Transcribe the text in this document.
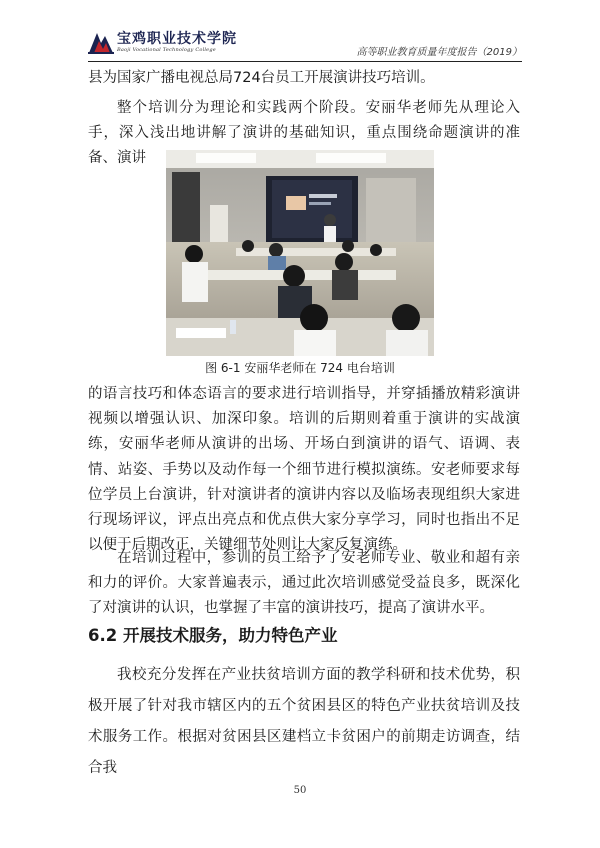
宝鸡职业技术学院
Baoji Vocational Technology College	高等职业教育质量年度报告（2019）

县为国家广播电视总局724台员工开展演讲技巧培训。

整个培训分为理论和实践两个阶段。安丽华老师先从理论入手，深入浅出地讲解了演讲的基础知识，重点围绕命题演讲的准备、演讲

图 6-1 安丽华老师在 724 电台培训

的语言技巧和体态语言的要求进行培训指导，并穿插播放精彩演讲视频以增强认识、加深印象。培训的后期则着重于演讲的实战演练，安丽华老师从演讲的出场、开场白到演讲的语气、语调、表情、站姿、手势以及动作每一个细节进行模拟演练。安老师要求每位学员上台演讲，针对演讲者的演讲内容以及临场表现组织大家进行现场评议，评点出亮点和优点供大家分享学习，同时也指出不足以便于后期改正，关键细节处则让大家反复演练。

在培训过程中，参训的员工给予了安老师专业、敬业和超有亲和力的评价。大家普遍表示，通过此次培训感觉受益良多，既深化了对演讲的认识，也掌握了丰富的演讲技巧，提高了演讲水平。

6.2 开展技术服务，助力特色产业

我校充分发挥在产业扶贫培训方面的教学科研和技术优势，积极开展了针对我市辖区内的五个贫困县区的特色产业扶贫培训及技术服务工作。根据对贫困县区建档立卡贫困户的前期走访调查，结合我

50
